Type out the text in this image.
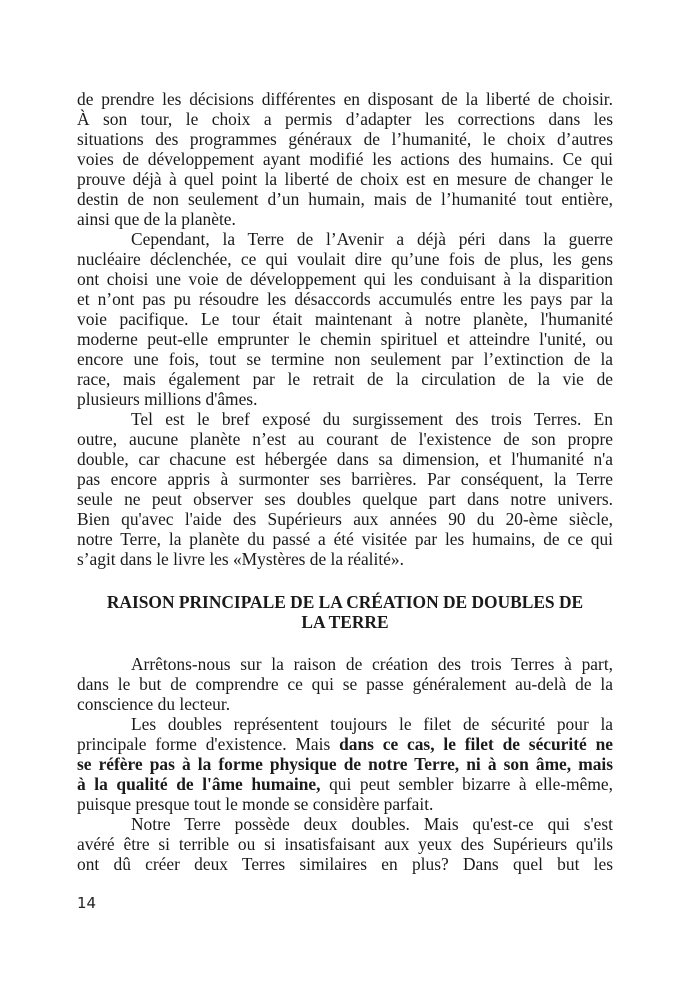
de prendre les décisions différentes en disposant de la liberté de choisir.
À son tour, le choix a permis d’adapter les corrections dans les
situations des programmes généraux de l’humanité, le choix d’autres
voies de développement ayant modifié les actions des humains. Ce qui
prouve déjà à quel point la liberté de choix est en mesure de changer le
destin de non seulement d’un humain, mais de l’humanité tout entière,
ainsi que de la planète.
Cependant, la Terre de l’Avenir a déjà péri dans la guerre
nucléaire déclenchée, ce qui voulait dire qu’une fois de plus, les gens
ont choisi une voie de développement qui les conduisant à la disparition
et n’ont pas pu résoudre les désaccords accumulés entre les pays par la
voie pacifique. Le tour était maintenant à notre planète, l'humanité
moderne peut-elle emprunter le chemin spirituel et atteindre l'unité, ou
encore une fois, tout se termine non seulement par l’extinction de la
race, mais également par le retrait de la circulation de la vie de
plusieurs millions d'âmes.
Tel est le bref exposé du surgissement des trois Terres. En
outre, aucune planète n’est au courant de l'existence de son propre
double, car chacune est hébergée dans sa dimension, et l'humanité n'a
pas encore appris à surmonter ses barrières. Par conséquent, la Terre
seule ne peut observer ses doubles quelque part dans notre univers.
Bien qu'avec l'aide des Supérieurs aux années 90 du 20-ème siècle,
notre Terre, la planète du passé a été visitée par les humains, de ce qui
s’agit dans le livre les «Mystères de la réalité».
RAISON PRINCIPALE DE LA CRÉATION DE DOUBLES DE
LA TERRE
Arrêtons-nous sur la raison de création des trois Terres à part,
dans le but de comprendre ce qui se passe généralement au-delà de la
conscience du lecteur.
Les doubles représentent toujours le filet de sécurité pour la
principale forme d'existence. Mais dans ce cas, le filet de sécurité ne
se réfère pas à la forme physique de notre Terre, ni à son âme, mais
à la qualité de l'âme humaine, qui peut sembler bizarre à elle-même,
puisque presque tout le monde se considère parfait.
Notre Terre possède deux doubles. Mais qu'est-ce qui s'est
avéré être si terrible ou si insatisfaisant aux yeux des Supérieurs qu'ils
ont dû créer deux Terres similaires en plus? Dans quel but les
14
